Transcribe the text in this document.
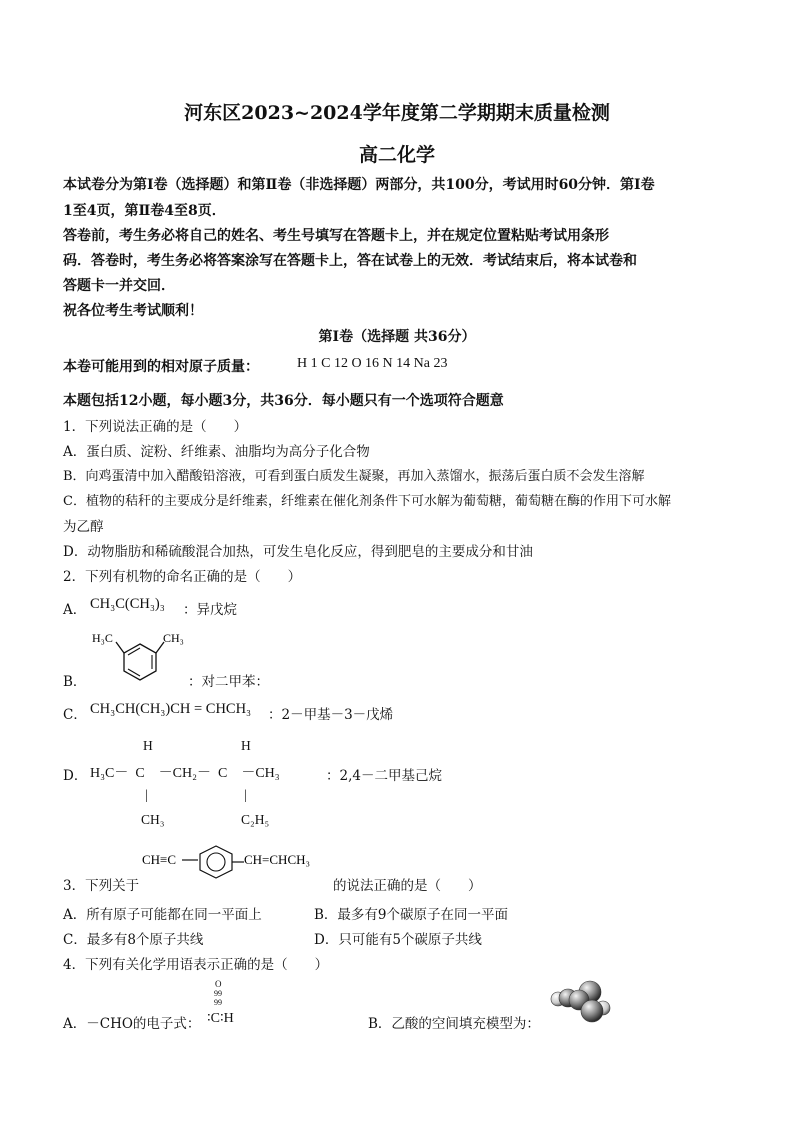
河东区2023~2024学年度第二学期期末质量检测
高二化学
本试卷分为第Ⅰ卷（选择题）和第Ⅱ卷（非选择题）两部分，共100分，考试用时60分钟．第Ⅰ卷
1至4页，第Ⅱ卷4至8页．
答卷前，考生务必将自己的姓名、考生号填写在答题卡上，并在规定位置粘贴考试用条形
码．答卷时，考生务必将答案涂写在答题卡上，答在试卷上的无效．考试结束后，将本试卷和
答题卡一并交回．
祝各位考生考试顺利！
第Ⅰ卷（选择题 共36分）
本卷可能用到的相对原子质量：	H 1 C 12 O 16 N 14 Na 23
本题包括12小题，每小题3分，共36分．每小题只有一个选项符合题意
1．下列说法正确的是（　　）
A．蛋白质、淀粉、纤维素、油脂均为高分子化合物
B．向鸡蛋清中加入醋酸铅溶液，可看到蛋白质发生凝聚，再加入蒸馏水，振荡后蛋白质不会发生溶解
C．植物的秸秆的主要成分是纤维素，纤维素在催化剂条件下可水解为葡萄糖，葡萄糖在酶的作用下可水解
为乙醇
D．动物脂肪和稀硫酸混合加热，可发生皂化反应，得到肥皂的主要成分和甘油
2．下列有机物的命名正确的是（　　）
A． CH₃C(CH₃)₃ ：异戊烷
B．
H₃C	CH₃
：对二甲苯：
C． CH₃CH(CH₃)CH = CHCH₃ ：2－甲基－3－戊烯
H	H
D． H₃C－  C    －CH₂－  C    －CH₃	：2,4－二甲基己烷
|	|
CH₃	C₂H₅
3．下列关于
CH≡C	CH=CHCH₃
的说法正确的是（　　）
A．所有原子可能都在同一平面上	B．最多有9个碳原子在同一平面
C．最多有8个原子共线	D．只可能有5个碳原子共线
4．下列有关化学用语表示正确的是（　　）
O
99
99
A．－CHO的电子式： ∶C∶H	B．乙酸的空间填充模型为：
